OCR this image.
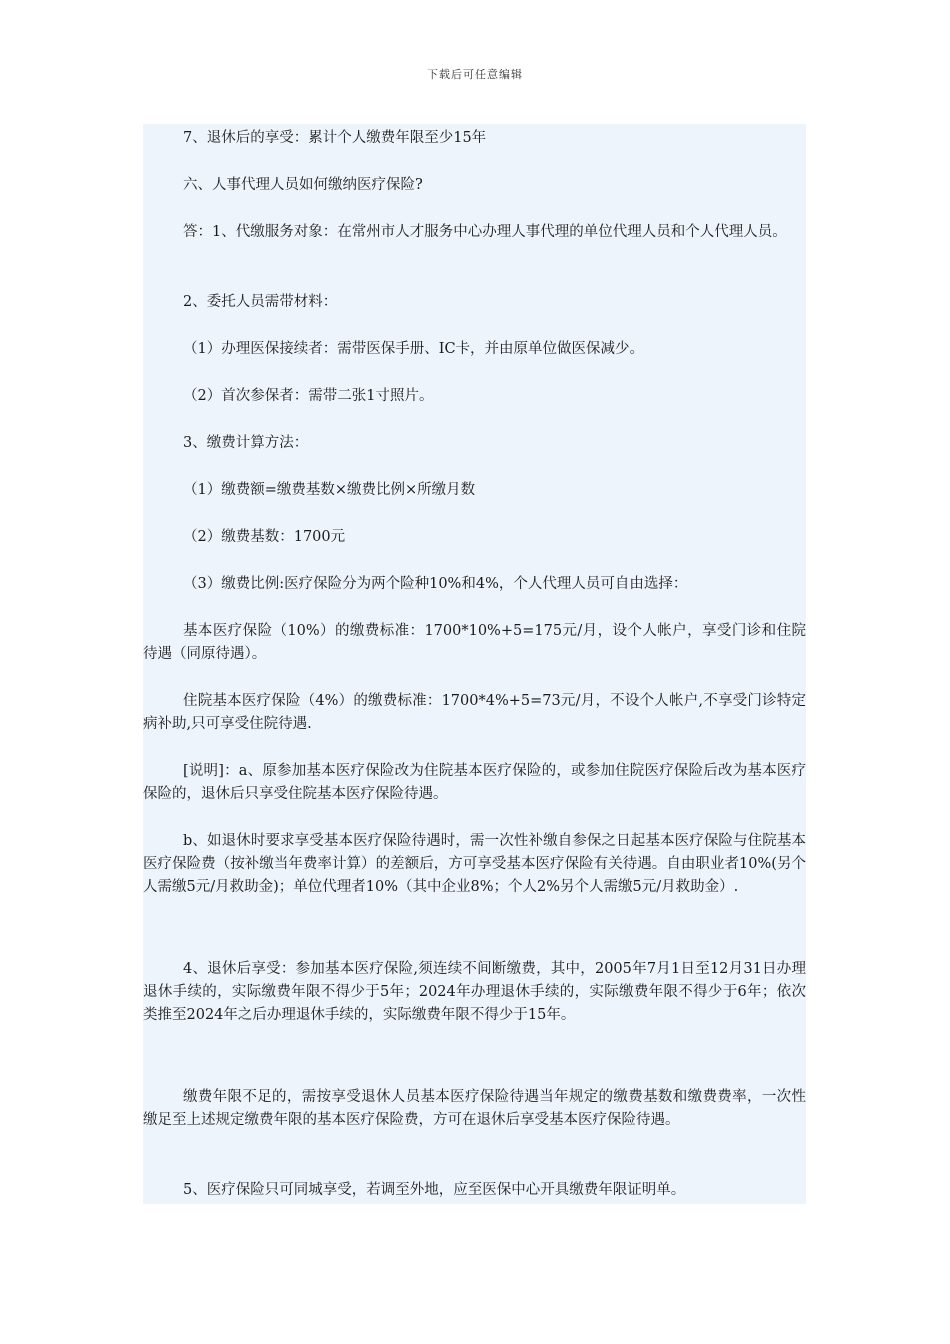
下载后可任意编辑

7、退休后的享受：累计个人缴费年限至少15年

六、人事代理人员如何缴纳医疗保险?

答：1、代缴服务对象：在常州市人才服务中心办理人事代理的单位代理人员和个人代理人员。

2、委托人员需带材料：

（1）办理医保接续者：需带医保手册、IC卡，并由原单位做医保减少。

（2）首次参保者：需带二张1寸照片。

3、缴费计算方法：

（1）缴费额=缴费基数×缴费比例×所缴月数

（2）缴费基数：1700元

（3）缴费比例:医疗保险分为两个险种10%和4%，个人代理人员可自由选择：

基本医疗保险（10%）的缴费标准：1700*10%+5=175元/月，设个人帐户，享受门诊和住院待遇（同原待遇）。

住院基本医疗保险（4%）的缴费标准：1700*4%+5=73元/月，不设个人帐户,不享受门诊特定病补助,只可享受住院待遇.

[说明]：a、原参加基本医疗保险改为住院基本医疗保险的，或参加住院医疗保险后改为基本医疗保险的，退休后只享受住院基本医疗保险待遇。

b、如退休时要求享受基本医疗保险待遇时，需一次性补缴自参保之日起基本医疗保险与住院基本医疗保险费（按补缴当年费率计算）的差额后，方可享受基本医疗保险有关待遇。自由职业者10%(另个人需缴5元/月救助金)；单位代理者10%（其中企业8%；个人2%另个人需缴5元/月救助金）.

4、退休后享受：参加基本医疗保险,须连续不间断缴费，其中，2005年7月1日至12月31日办理退休手续的，实际缴费年限不得少于5年；2024年办理退休手续的，实际缴费年限不得少于6年；依次类推至2024年之后办理退休手续的，实际缴费年限不得少于15年。

缴费年限不足的，需按享受退休人员基本医疗保险待遇当年规定的缴费基数和缴费费率，一次性缴足至上述规定缴费年限的基本医疗保险费，方可在退休后享受基本医疗保险待遇。

5、医疗保险只可同城享受，若调至外地，应至医保中心开具缴费年限证明单。
